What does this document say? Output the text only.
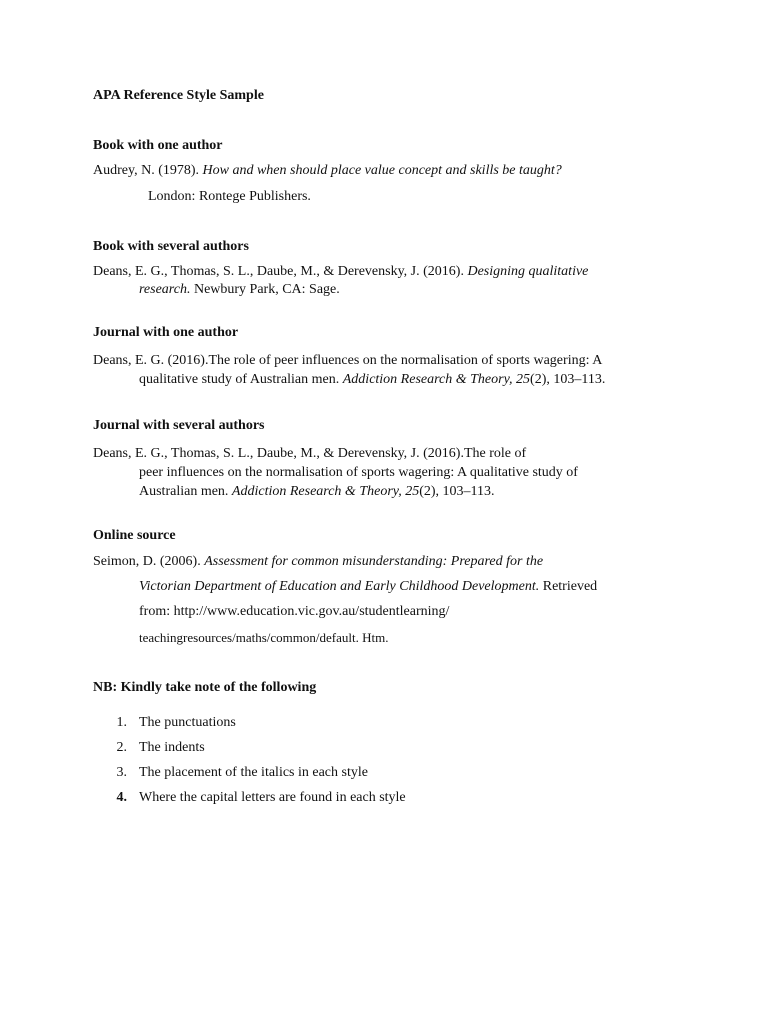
APA Reference Style Sample
Book with one author
Audrey, N. (1978). How and when should place value concept and skills be taught?
London: Rontege Publishers.
Book with several authors
Deans, E. G., Thomas, S. L., Daube, M., & Derevensky, J. (2016). Designing qualitative
research. Newbury Park, CA: Sage.
Journal with one author
Deans, E. G. (2016).The role of peer influences on the normalisation of sports wagering: A
qualitative study of Australian men. Addiction Research & Theory, 25(2), 103–113.
Journal with several authors
Deans, E. G., Thomas, S. L., Daube, M., & Derevensky, J. (2016).The role of
peer influences on the normalisation of sports wagering: A qualitative study of
Australian men. Addiction Research & Theory, 25(2), 103–113.
Online source
Seimon, D. (2006). Assessment for common misunderstanding: Prepared for the
Victorian Department of Education and Early Childhood Development. Retrieved
from: http://www.education.vic.gov.au/studentlearning/
teachingresources/maths/common/default. Htm.
NB: Kindly take note of the following
1. The punctuations
2. The indents
3. The placement of the italics in each style
4. Where the capital letters are found in each style
